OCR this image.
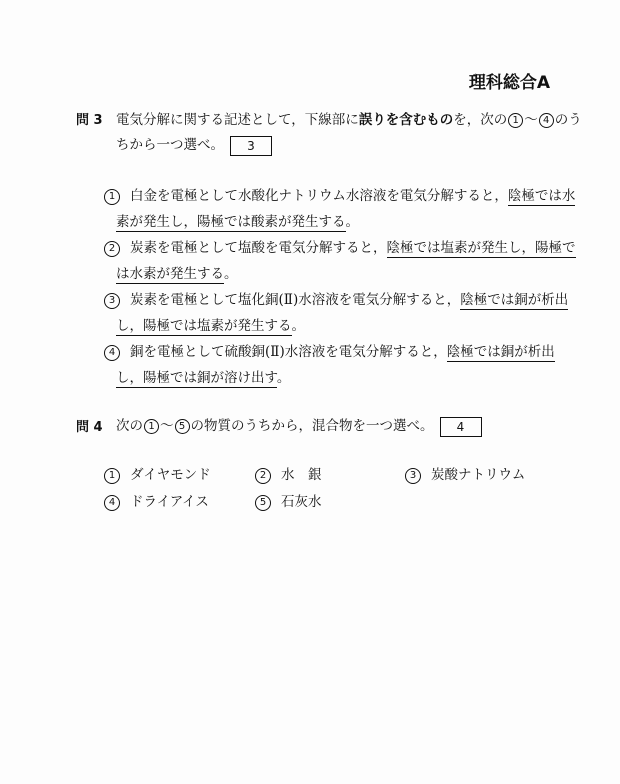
理科総合A
問 3 電気分解に関する記述として，下線部に誤りを含むものを，次の 1 〜 4 のう
ちから一つ選べ。 3
1 白金を電極として水酸化ナトリウム水溶液を電気分解すると，陰極では水
素が発生し，陽極では酸素が発生する。
2 炭素を電極として塩酸を電気分解すると，陰極では塩素が発生し，陽極で
は水素が発生する。
3 炭素を電極として塩化銅(Ⅱ)水溶液を電気分解すると，陰極では銅が析出
し，陽極では塩素が発生する。
4 銅を電極として硫酸銅(Ⅱ)水溶液を電気分解すると，陰極では銅が析出
し，陽極では銅が溶け出す。
問 4 次の 1 〜 5 の物質のうちから，混合物を一つ選べ。 4
1 ダイヤモンド	2 水　銀	3 炭酸ナトリウム
4 ドライアイス	5 石灰水
